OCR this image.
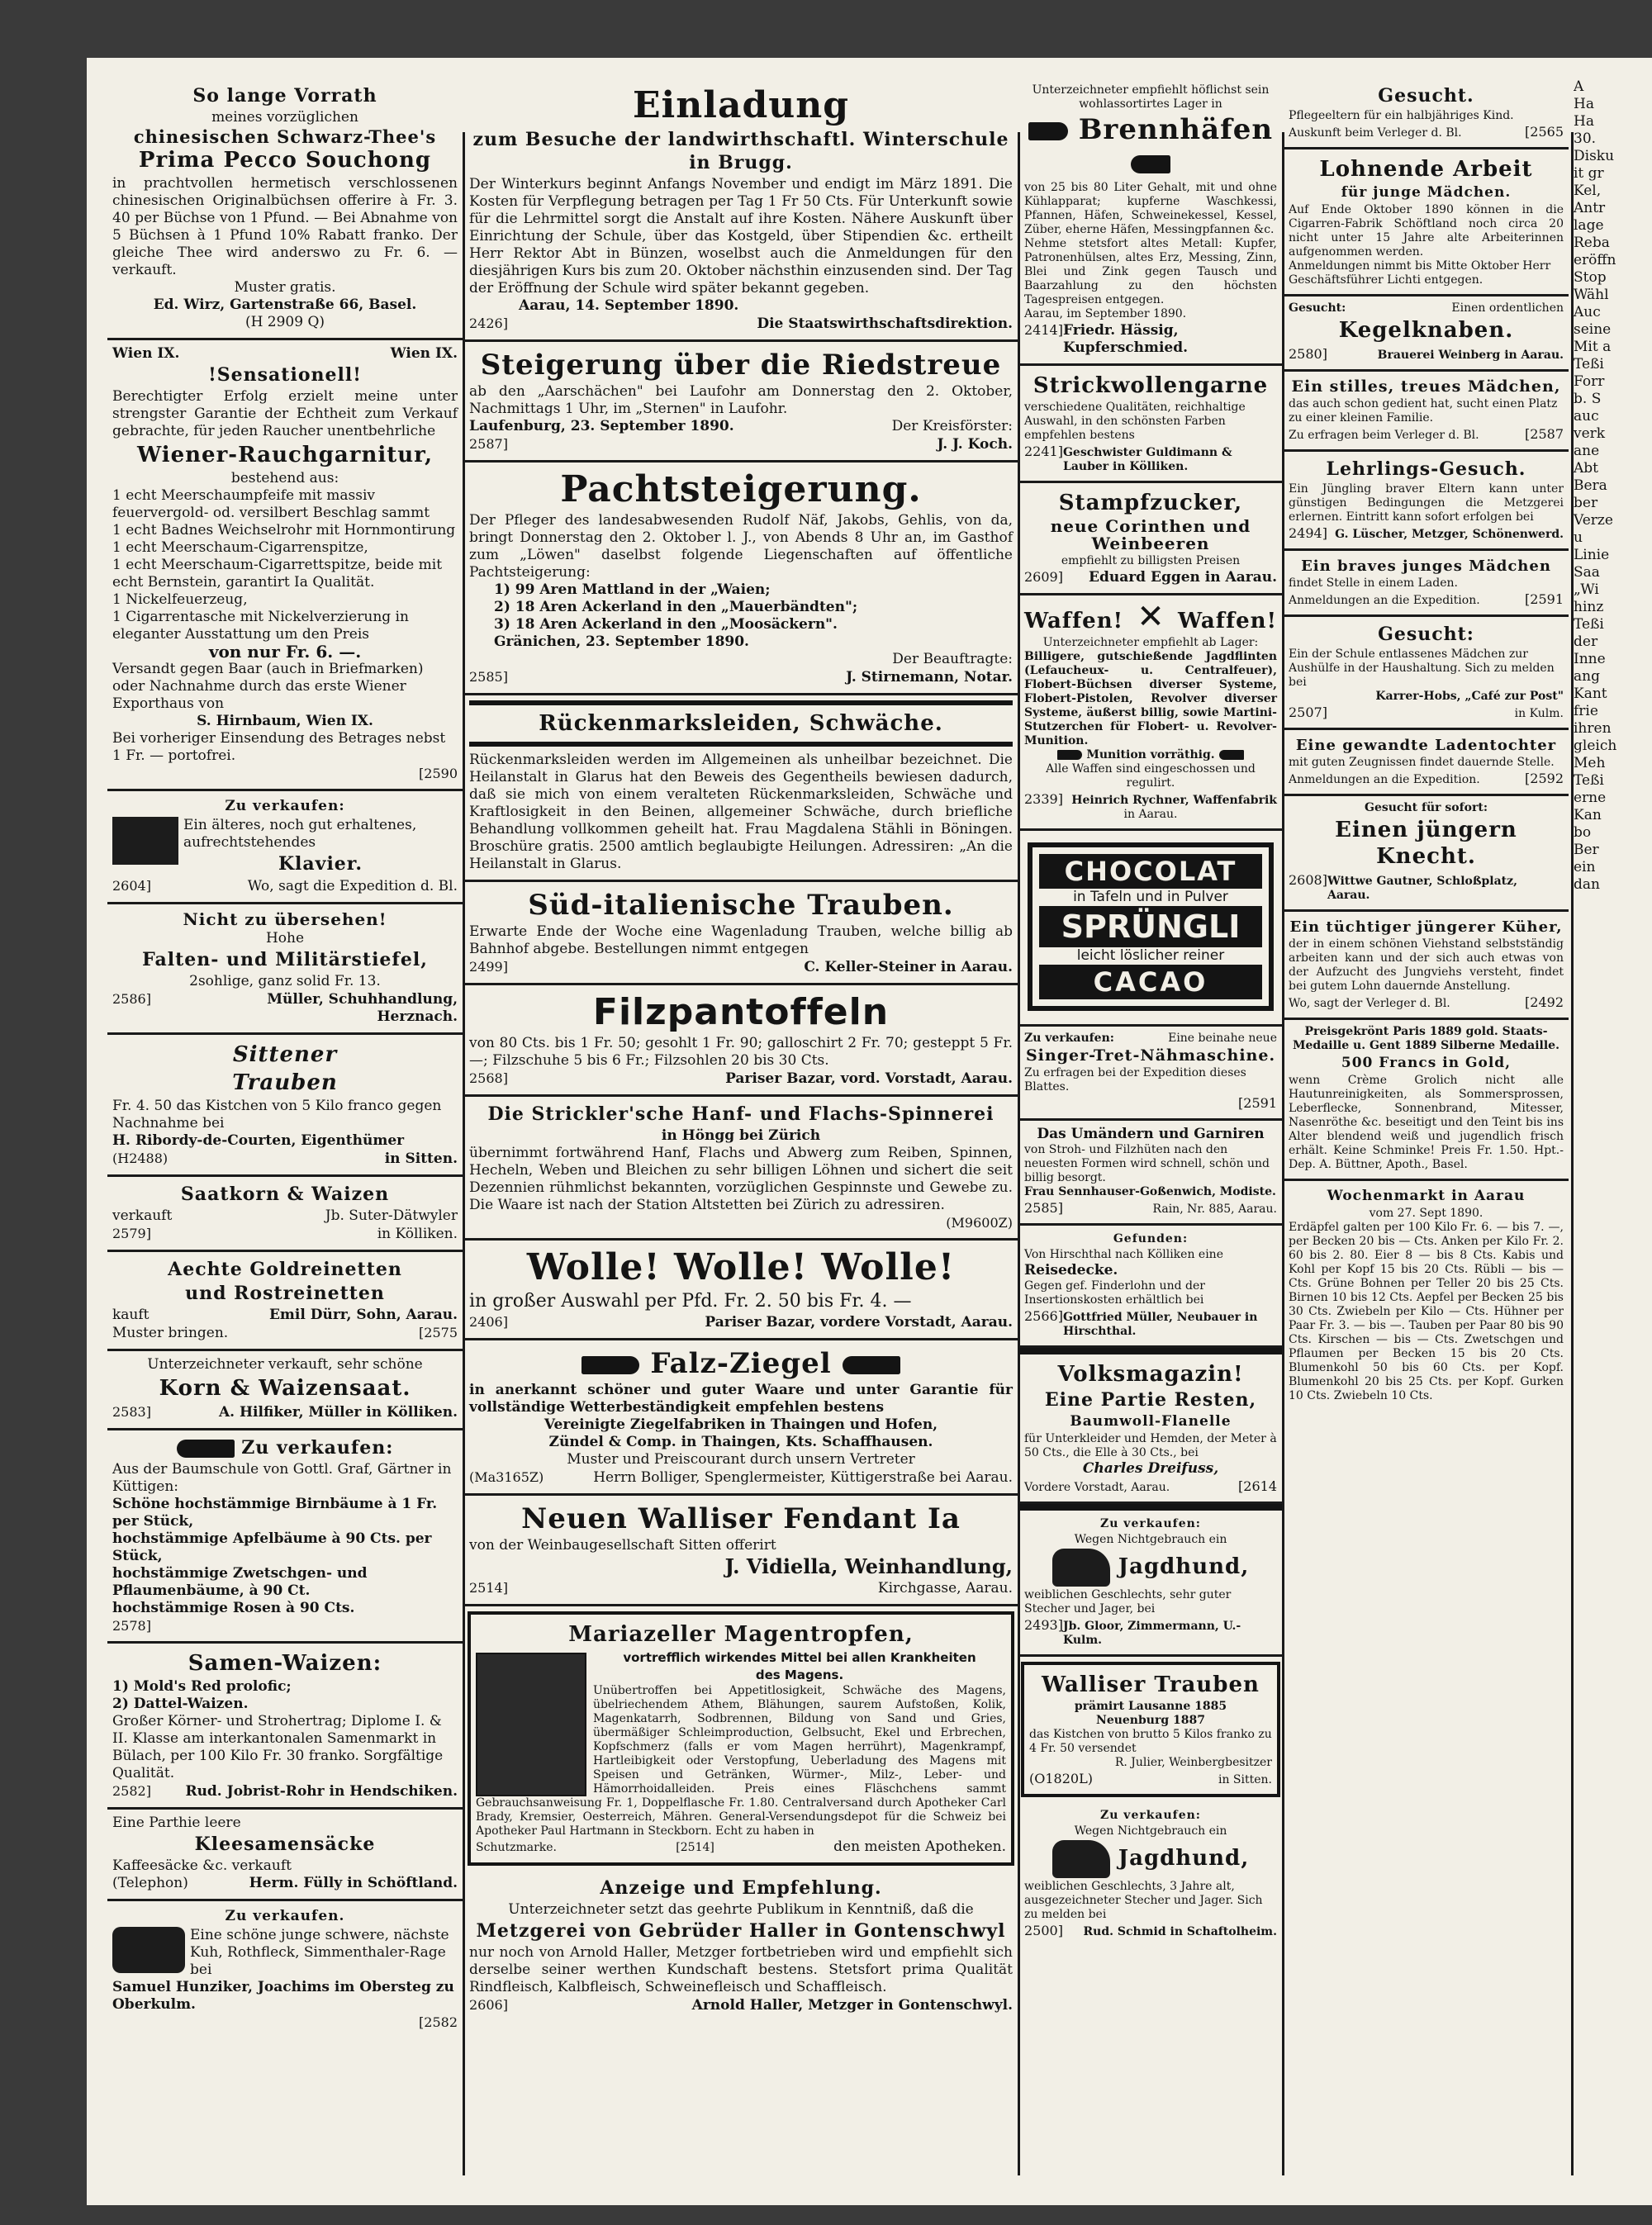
So lange Vorrath

meines vorzüglichen

chinesischen Schwarz-Thee's

Prima Pecco Souchong

in prachtvollen hermetisch verschlossenen chinesischen Originalbüchsen offerire à Fr. 3. 40 per Büchse von 1 Pfund. — Bei Abnahme von 5 Büchsen à 1 Pfund 10% Rabatt franko. Der gleiche Thee wird anderswo zu Fr. 6. — verkauft.

Muster gratis.

Ed. Wirz, Gartenstraße 66, Basel.

(H 2909 Q)

Wien IX.	Wien IX.

!Sensationell!

Berechtigter Erfolg erzielt meine unter strengster Garantie der Echtheit zum Verkauf gebrachte, für jeden Raucher unentbehrliche

Wiener-Rauchgarnitur,

bestehend aus:

1 echt Meerschaumpfeife mit massiv feuervergold- od. versilbert Beschlag sammt

1 echt Badnes Weichselrohr mit Hornmontirung

1 echt Meerschaum-Cigarrenspitze,

1 echt Meerschaum-Cigarrettspitze, beide mit echt Bernstein, garantirt Ia Qualität.

1 Nickelfeuerzeug,

1 Cigarrentasche mit Nickelverzierung in eleganter Ausstattung um den Preis

von nur Fr. 6. —.

Versandt gegen Baar (auch in Briefmarken) oder Nachnahme durch das erste Wiener Exporthaus von

S. Hirnbaum, Wien IX.

Bei vorheriger Einsendung des Betrages nebst 1 Fr. — portofrei.

[2590

Zu verkaufen:

Ein älteres, noch gut erhaltenes, aufrechtstehendes

Klavier.

2604]	Wo, sagt die Expedition d. Bl.

Nicht zu übersehen!

Hohe

Falten- und Militärstiefel,

2sohlige, ganz solid Fr. 13.

2586]	Müller, Schuhhandlung,

Herznach.

Sittener

Trauben

Fr. 4. 50 das Kistchen von 5 Kilo franco gegen Nachnahme bei

H. Ribordy-de-Courten, Eigenthümer

(H2488)	in Sitten.

Saatkorn & Waizen

verkauft	Jb. Suter-Dätwyler
2579]	in Kölliken.

Aechte Goldreinetten

und Rostreinetten

kauft	Emil Dürr, Sohn, Aarau.
Muster bringen.	[2575

Unterzeichneter verkauft, sehr schöne

Korn & Waizensaat.

2583]	A. Hilfiker, Müller in Kölliken.

Zu verkaufen:

Aus der Baumschule von Gottl. Graf, Gärtner in Küttigen:

Schöne hochstämmige Birnbäume à 1 Fr. per Stück,

hochstämmige Apfelbäume à 90 Cts. per Stück,

hochstämmige Zwetschgen- und Pflaumenbäume, à 90 Ct.

hochstämmige Rosen à 90 Cts.

2578]

Samen-Waizen:

1) Mold's Red prolofic;

2) Dattel-Waizen.

Großer Körner- und Strohertrag; Diplome I. & II. Klasse am interkantonalen Samenmarkt in Bülach, per 100 Kilo Fr. 30 franko. Sorgfältige Qualität.

2582] Rud. Jobrist-Rohr in Hendschiken.

Eine Parthie leere

Kleesamensäcke

Kaffeesäcke &c. verkauft

(Telephon)	Herm. Fülly in Schöftland.

Zu verkaufen.

Eine schöne junge schwere, nächste Kuh, Rothfleck, Simmenthaler-Rage bei

Samuel Hunziker, Joachims im Obersteg zu Oberkulm.

[2582

Einladung

zum Besuche der landwirthschaftl. Winterschule in Brugg.

Der Winterkurs beginnt Anfangs November und endigt im März 1891. Die Kosten für Verpflegung betragen per Tag 1 Fr 50 Cts. Für Unterkunft sowie für die Lehrmittel sorgt die Anstalt auf ihre Kosten. Nähere Auskunft über Einrichtung der Schule, über das Kostgeld, über Stipendien &c. ertheilt Herr Rektor Abt in Bünzen, woselbst auch die Anmeldungen für den diesjährigen Kurs bis zum 20. Oktober nächsthin einzusenden sind. Der Tag der Eröffnung der Schule wird später bekannt gegeben.

Aarau, 14. September 1890.

2426]	Die Staatswirthschaftsdirektion.

Steigerung über die Riedstreue

ab den „Aarschächen" bei Laufohr am Donnerstag den 2. Oktober, Nachmittags 1 Uhr, im „Sternen" in Laufohr.

Laufenburg, 23. September 1890.	Der Kreisförster:
2587]	J. J. Koch.

Pachtsteigerung.

Der Pfleger des landesabwesenden Rudolf Näf, Jakobs, Gehlis, von da, bringt Donnerstag den 2. Oktober l. J., von Abends 8 Uhr an, im Gasthof zum „Löwen" daselbst folgende Liegenschaften auf öffentliche Pachtsteigerung:

1) 99 Aren Mattland in der „Waien;

2) 18 Aren Ackerland in den „Mauerbändten";

3) 18 Aren Ackerland in den „Moosäckern".

Gränichen, 23. September 1890.

Der Beauftragte:

2585]	J. Stirnemann, Notar.

Rückenmarksleiden, Schwäche.

Rückenmarksleiden werden im Allgemeinen als unheilbar bezeichnet. Die Heilanstalt in Glarus hat den Beweis des Gegentheils bewiesen dadurch, daß sie mich von einem veralteten Rückenmarksleiden, Schwäche und Kraftlosigkeit in den Beinen, allgemeiner Schwäche, durch briefliche Behandlung vollkommen geheilt hat. Frau Magdalena Stähli in Böningen. Broschüre gratis. 2500 amtlich beglaubigte Heilungen. Adressiren: „An die Heilanstalt in Glarus.

Süd-italienische Trauben.

Erwarte Ende der Woche eine Wagenladung Trauben, welche billig ab Bahnhof abgebe. Bestellungen nimmt entgegen

2499]	C. Keller-Steiner in Aarau.

Filzpantoffeln

von 80 Cts. bis 1 Fr. 50; gesohlt 1 Fr. 90; galloschirt 2 Fr. 70; gesteppt 5 Fr.—; Filzschuhe 5 bis 6 Fr.; Filzsohlen 20 bis 30 Cts.

2568]	Pariser Bazar, vord. Vorstadt, Aarau.

Die Strickler'sche Hanf- und Flachs-Spinnerei

in Höngg bei Zürich

übernimmt fortwährend Hanf, Flachs und Abwerg zum Reiben, Spinnen, Hecheln, Weben und Bleichen zu sehr billigen Löhnen und sichert die seit Dezennien rühmlichst bekannten, vorzüglichen Gespinnste und Gewebe zu. Die Waare ist nach der Station Altstetten bei Zürich zu adressiren.

(M9600Z)

Wolle! Wolle! Wolle!

in großer Auswahl per Pfd. Fr. 2. 50 bis Fr. 4. —

2406]	Pariser Bazar, vordere Vorstadt, Aarau.

Falz-Ziegel

in anerkannt schöner und guter Waare und unter Garantie für vollständige Wetterbeständigkeit empfehlen bestens

Vereinigte Ziegelfabriken in Thaingen und Hofen,

Zündel & Comp. in Thaingen, Kts. Schaffhausen.

Muster und Preiscourant durch unsern Vertreter

(Ma3165Z)	Herrn Bolliger, Spenglermeister, Küttigerstraße bei Aarau.

Neuen Walliser Fendant Ia

von der Weinbaugesellschaft Sitten offerirt

J. Vidiella, Weinhandlung,

2514]	Kirchgasse, Aarau.

Mariazeller Magentropfen,

vortrefflich wirkendes Mittel bei allen Krankheiten

des Magens.

Unübertroffen bei Appetitlosigkeit, Schwäche des Magens, übelriechendem Athem, Blähungen, saurem Aufstoßen, Kolik, Magenkatarrh, Sodbrennen, Bildung von Sand und Gries, übermäßiger Schleimproduction, Gelbsucht, Ekel und Erbrechen, Kopfschmerz (falls er vom Magen herrührt), Magenkrampf, Hartleibigkeit oder Verstopfung, Ueberladung des Magens mit Speisen und Getränken, Würmer-, Milz-, Leber- und Hämorrhoidalleiden. Preis eines Fläschchens sammt Gebrauchsanweisung Fr. 1, Doppelflasche Fr. 1.80. Centralversand durch Apotheker Carl Brady, Kremsier, Oesterreich, Mähren. General-Versendungsdepot für die Schweiz bei Apotheker Paul Hartmann in Steckborn. Echt zu haben in

Schutzmarke.	[2514]	den meisten Apotheken.

Anzeige und Empfehlung.

Unterzeichneter setzt das geehrte Publikum in Kenntniß, daß die

Metzgerei von Gebrüder Haller in Gontenschwyl

nur noch von Arnold Haller, Metzger fortbetrieben wird und empfiehlt sich derselbe seiner werthen Kundschaft bestens. Stetsfort prima Qualität Rindfleisch, Kalbfleisch, Schweinefleisch und Schaffleisch.

2606]	Arnold Haller, Metzger in Gontenschwyl.

Unterzeichneter empfiehlt höflichst sein wohlassortirtes Lager in

Brennhäfen

von 25 bis 80 Liter Gehalt, mit und ohne Kühlapparat; kupferne Waschkessi, Pfannen, Häfen, Schweinekessel, Kessel, Züber, eherne Häfen, Messingpfannen &c.

Nehme stetsfort altes Metall: Kupfer, Patronenhülsen, altes Erz, Messing, Zinn, Blei und Zink gegen Tausch und Baarzahlung zu den höchsten Tagespreisen entgegen.

Aarau, im September 1890.

2414] Friedr. Hässig, Kupferschmied.

Strickwollengarne

verschiedene Qualitäten, reichhaltige Auswahl, in den schönsten Farben empfehlen bestens

2241] Geschwister Guldimann & Lauber in Kölliken.

Stampfzucker,

neue Corinthen und Weinbeeren

empfiehlt zu billigsten Preisen

2609] Eduard Eggen in Aarau.
Waffen! ✕ Waffen!

Unterzeichneter empfiehlt ab Lager:

Billigere, gutschießende Jagdflinten (Lefaucheux- u. Centralfeuer), Flobert-Büchsen diverser Systeme, Flobert-Pistolen, Revolver diverser Systeme, äußerst billig, sowie Martini-Stutzerchen für Flobert- u. Revolver-Munition.

Munition vorräthig.

Alle Waffen sind eingeschossen und regulirt.

2339] Heinrich Rychner, Waffenfabrik

in Aarau.

CHOCOLAT

in Tafeln und in Pulver

SPRÜNGLI

leicht löslicher reiner

CACAO
Zu verkaufen:	Eine beinahe neue

Singer-Tret-Nähmaschine.

Zu erfragen bei der Expedition dieses Blattes.

[2591

Das Umändern und Garniren

von Stroh- und Filzhüten nach den neuesten Formen wird schnell, schön und billig besorgt.

Frau Sennhauser-Goßenwich, Modiste.

2585]	Rain, Nr. 885, Aarau.

Gefunden:

Von Hirschthal nach Kölliken eine

Reisedecke.

Gegen gef. Finderlohn und der Insertionskosten erhältlich bei

2566] Gottfried Müller, Neubauer in Hirschthal.

Volksmagazin!

Eine Partie Resten,

Baumwoll-Flanelle

für Unterkleider und Hemden, der Meter à 50 Cts., die Elle à 30 Cts., bei

Charles Dreifuss,

Vordere Vorstadt, Aarau.	[2614

Zu verkaufen:

Wegen Nichtgebrauch ein

Jagdhund,

weiblichen Geschlechts, sehr guter Stecher und Jager, bei

2493] Jb. Gloor, Zimmermann, U.-Kulm.

Walliser Trauben

prämirt Lausanne 1885

Neuenburg 1887

das Kistchen von brutto 5 Kilos franko zu 4 Fr. 50 versendet

R. Julier, Weinbergbesitzer

(O1820L)	in Sitten.

Zu verkaufen:

Wegen Nichtgebrauch ein

Jagdhund,

weiblichen Geschlechts, 3 Jahre alt, ausgezeichneter Stecher und Jager. Sich zu melden bei

2500] Rud. Schmid in Schaftolheim.

Gesucht.

Pflegeeltern für ein halbjähriges Kind.

Auskunft beim Verleger d. Bl.	[2565

Lohnende Arbeit

für junge Mädchen.

Auf Ende Oktober 1890 können in die Cigarren-Fabrik Schöftland noch circa 20 nicht unter 15 Jahre alte Arbeiterinnen aufgenommen werden.

Anmeldungen nimmt bis Mitte Oktober Herr Geschäftsführer Lichti entgegen.

Gesucht:	Einen ordentlichen

Kegelknaben.

2580]	Brauerei Weinberg in Aarau.

Ein stilles, treues Mädchen,

das auch schon gedient hat, sucht einen Platz zu einer kleinen Familie.

Zu erfragen beim Verleger d. Bl.	[2587

Lehrlings-Gesuch.

Ein Jüngling braver Eltern kann unter günstigen Bedingungen die Metzgerei erlernen. Eintritt kann sofort erfolgen bei

2494] G. Lüscher, Metzger, Schönenwerd.

Ein braves junges Mädchen

findet Stelle in einem Laden.

Anmeldungen an die Expedition.	[2591

Gesucht:

Ein der Schule entlassenes Mädchen zur Aushülfe in der Haushaltung. Sich zu melden bei

Karrer-Hobs, „Café zur Post"

2507]	in Kulm.

Eine gewandte Ladentochter

mit guten Zeugnissen findet dauernde Stelle.

Anmeldungen an die Expedition.	[2592

Gesucht für sofort:

Einen jüngern Knecht.

2608] Wittwe Gautner, Schloßplatz, Aarau.

Ein tüchtiger jüngerer Küher,

der in einem schönen Viehstand selbstständig arbeiten kann und der sich auch etwas von der Aufzucht des Jungviehs versteht, findet bei gutem Lohn dauernde Anstellung.

Wo, sagt der Verleger d. Bl.	[2492

Preisgekrönt Paris 1889 gold. Staats-Medaille u. Gent 1889 Silberne Medaille.

500 Francs in Gold,

wenn Crème Grolich nicht alle Hautunreinigkeiten, als Sommersprossen, Leberflecke, Sonnenbrand, Mitesser, Nasenröthe &c. beseitigt und den Teint bis ins Alter blendend weiß und jugendlich frisch erhält. Keine Schminke! Preis Fr. 1.50. Hpt.-Dep. A. Büttner, Apoth., Basel.

Wochenmarkt in Aarau

vom 27. Sept 1890.

Erdäpfel galten per 100 Kilo Fr. 6. — bis 7. —, per Becken 20 bis — Cts. Anken per Kilo Fr. 2. 60 bis 2. 80. Eier 8 — bis 8 Cts. Kabis und Kohl per Kopf 15 bis 20 Cts. Rübli — bis — Cts. Grüne Bohnen per Teller 20 bis 25 Cts. Birnen 10 bis 12 Cts. Aepfel per Becken 25 bis 30 Cts. Zwiebeln per Kilo — Cts. Hühner per Paar Fr. 3. — bis —. Tauben per Paar 80 bis 90 Cts. Kirschen — bis — Cts. Zwetschgen und Pflaumen per Becken 15 bis 20 Cts. Blumenkohl 50 bis 60 Cts. per Kopf. Blumenkohl 20 bis 25 Cts. per Kopf. Gurken 10 Cts. Zwiebeln 10 Cts.

A

Ha

Ha

30.

Disku

it gr

Kel,

Antr

lage

Reba

eröffn

Stop

Wähl

Auc

seine

Mit a

Teßi

Forr

b. S

auc

verk

ane

Abt

Bera

ber

Verze

u

Linie

Saa

„Wi

hinz

Teßi

der

Inne

ang

Kant

frie

ihren

gleich

Meh

Teßi

erne

Kan

bo

Ber

ein

dan
